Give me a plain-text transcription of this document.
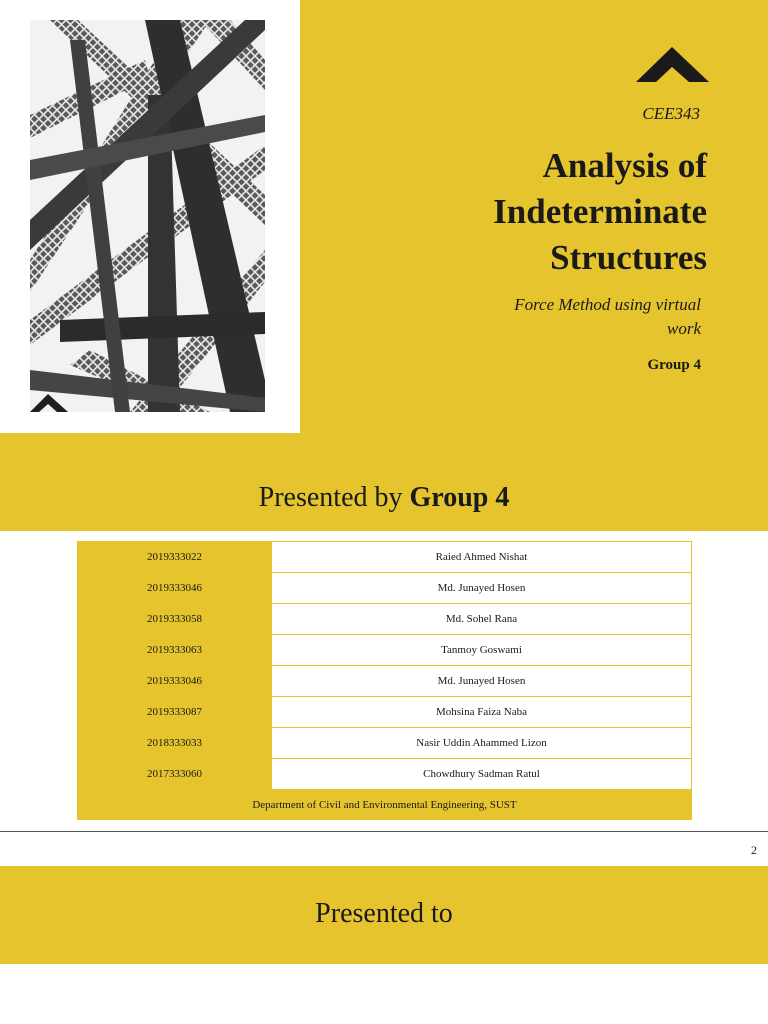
CEE343
Analysis of
Indeterminate
Structures
Force Method using virtual
work
Group 4
Presented by Group 4
2019333022	Raied Ahmed Nishat
2019333046	Md. Junayed Hosen
2019333058	Md. Sohel Rana
2019333063	Tanmoy Goswami
2019333046	Md. Junayed Hosen
2019333087	Mohsina Faiza Naba
2018333033	Nasir Uddin Ahammed Lizon
2017333060	Chowdhury Sadman Ratul
Department of Civil and Environmental Engineering, SUST	
2
Presented to
